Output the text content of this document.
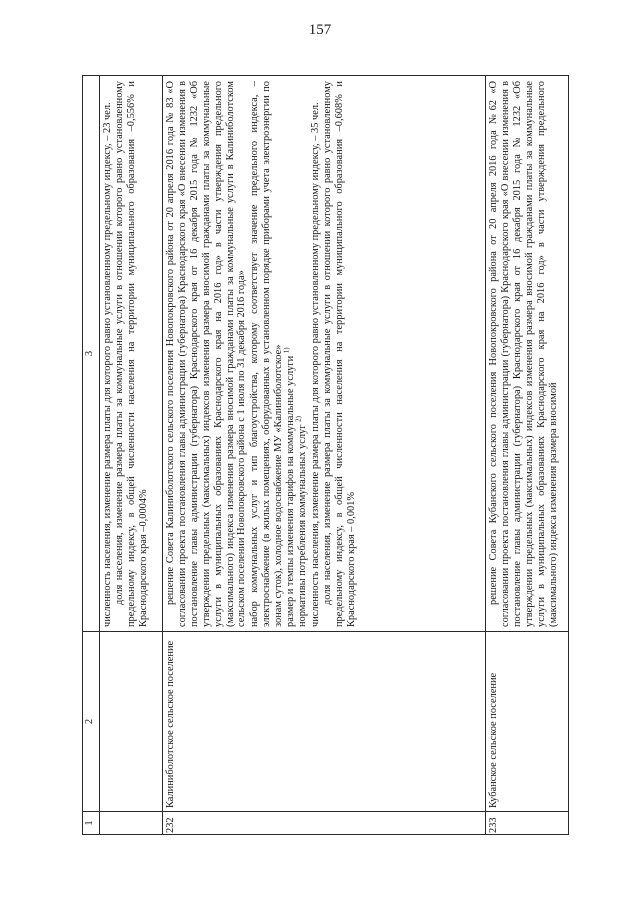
157
1
2
3 численность населения, изменение размера платы для которого равно установленному предельному индексу, – 23 чел. доля населения, изменение размера платы за коммунальные услуги в отношении которого равно установленному предельному индексу, в общей численности населения на территории муниципального образования –0,556% и Краснодарского края –0,0004%

232
Калиниболотское сельское поселение

решение Совета Калиниболотского сельского поселения Новопокровского района от 20 апреля 2016 года № 83 «О согласовании проекта постановления главы администрации (губернатора) Краснодарского края «О внесении изменения в постановление главы администрации (губернатора) Краснодарского края от 16 декабря 2015 года № 1232 «Об утверждении предельных (максимальных) индексов изменения размера вносимой гражданами платы за коммунальные услуги в муниципальных образованиях Краснодарского края на 2016 год» в части утверждения предельного (максимального) индекса изменения размера вносимой гражданами платы за коммунальные услуги в Калиниболотском сельском поселении Новопокровского района с 1 июля по 31 декабря 2016 года» набор коммунальных услуг и тип благоустройства, которому соответствует значение предельного индекса, – электроснабжение (в жилых помещениях, оборудованных в установленном порядке приборами учета электроэнергии по зонам суток), холодное водоснабжение МУ «Калиниболотское» размер и темпы изменения тарифов на коммунальные услуги $^{1)}$

нормативы потребления коммунальных услуг $^{2)}$ численность населения, изменение размера платы для которого равно установленному предельному индексу, – 35 чел. доля населения, изменение размера платы за коммунальные услуги в отношении которого равно установленному предельному индексу, в общей численности населения на территории муниципального образования –0,608% и Краснодарского края – 0,001%

233
Кубанское сельское поселение

решение Совета Кубанского сельского поселения Новопокровского района от 20 апреля 2016 года №62 «О согласовании проекта постановления главы администрации (губернатора) Краснодарского края «О внесении изменения в постановление главы администрации (губернатора) Краснодарского края от 16 декабря 2015 года № 1232 «Об утверждении предельных (максимальных) индексов изменения размера вносимой гражданами платы за коммунальные услуги в муниципальных образованиях Краснодарского края на 2016 год» в части утверждения предельного (максимального) индекса изменения размера вносимой
